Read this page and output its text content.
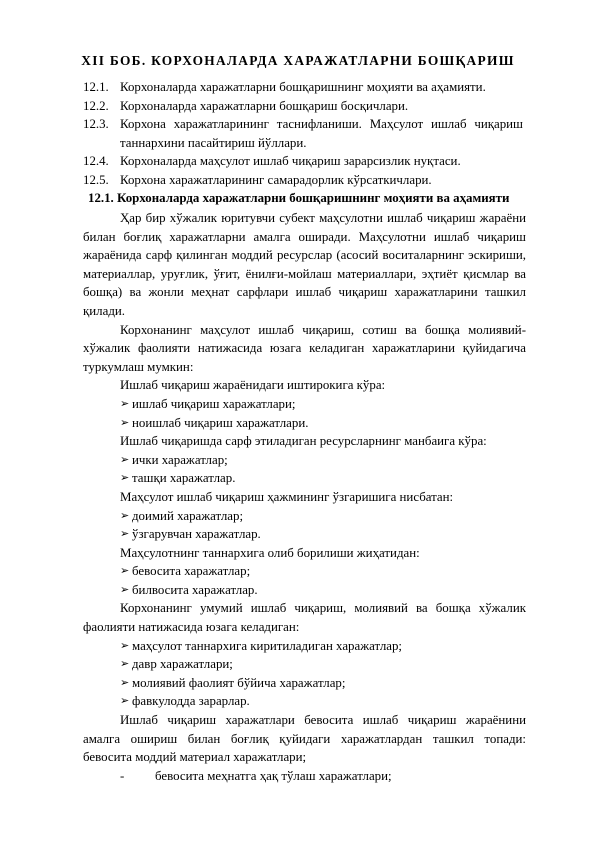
XII БОБ. КОРХОНАЛАРДА ХАРАЖАТЛАРНИ БОШҚАРИШ
12.1. Корхоналарда харажатларни бошқаришнинг моҳияти ва аҳамияти.
12.2. Корхоналарда харажатларни бошқариш босқичлари.
12.3. Корхона харажатларининг таснифланиши. Маҳсулот ишлаб чиқариш таннархини пасайтириш йўллари.
12.4. Корхоналарда маҳсулот ишлаб чиқариш зарарсизлик нуқтаси.
12.5. Корхона харажатларининг самарадорлик кўрсаткичлари.
12.1. Корхоналарда харажатларни бошқаришнинг моҳияти ва аҳамияти

Ҳар бир хўжалик юритувчи субект маҳсулотни ишлаб чиқариш жараёни билан боғлиқ харажатларни амалга оширади. Маҳсулотни ишлаб чиқариш жараёнида сарф қилинган моддий ресурслар (асосий воситаларнинг эскириши, материаллар, уруғлик, ўғит, ёнилғи-мойлаш материаллари, эҳтиёт қисмлар ва бошқа) ва жонли меҳнат сарфлари ишлаб чиқариш харажатларини ташкил қилади.

Корхонанинг маҳсулот ишлаб чиқариш, сотиш ва бошқа молиявий-хўжалик фаолияти натижасида юзага келадиган харажатларини қуйидагича туркумлаш мумкин:

Ишлаб чиқариш жараёнидаги иштирокига кўра:

➢ ишлаб чиқариш харажатлари;

➢ ноишлаб чиқариш харажатлари.

Ишлаб чиқаришда сарф этиладиган ресурсларнинг манбаига кўра:

➢ ички харажатлар;

➢ ташқи харажатлар.

Маҳсулот ишлаб чиқариш ҳажмининг ўзгаришига нисбатан:

➢ доимий харажатлар;

➢ ўзгарувчан харажатлар.

Маҳсулотнинг таннархига олиб борилиши жиҳатидан:

➢ бевосита харажатлар;

➢ билвосита харажатлар.

Корхонанинг умумий ишлаб чиқариш, молиявий ва бошқа хўжалик фаолияти натижасида юзага келадиган:

➢ маҳсулот таннархига киритиладиган харажатлар;

➢ давр харажатлари;

➢ молиявий фаолият бўйича харажатлар;

➢ фавкулодда зарарлар.

Ишлаб чиқариш харажатлари бевосита ишлаб чиқариш жараёнини амалга ошириш билан боғлиқ қуйидаги харажатлардан ташкил топади: бевосита моддий материал харажатлари;

-	бевосита меҳнатга ҳақ тўлаш харажатлари;
